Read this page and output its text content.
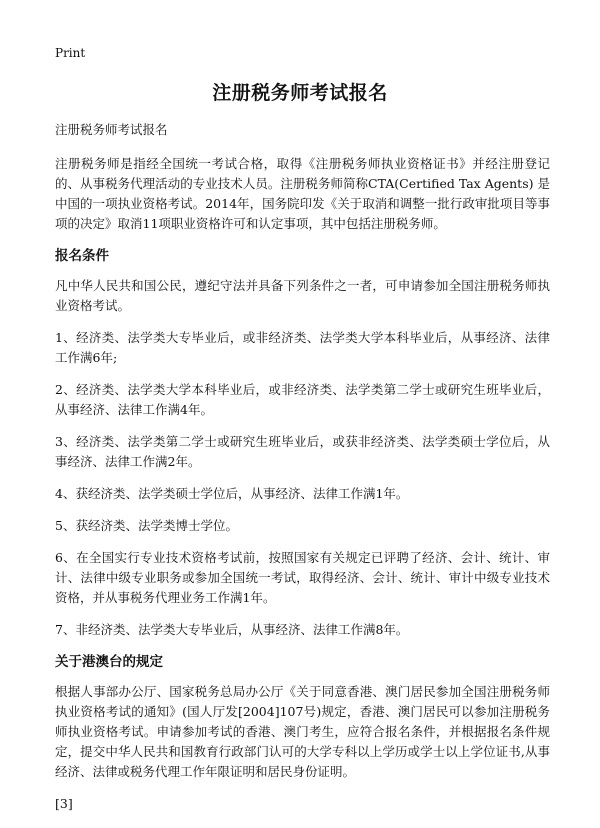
Print
注册税务师考试报名

注册税务师考试报名

注册税务师是指经全国统一考试合格，取得《注册税务师执业资格证书》并经注册登记的、从事税务代理活动的专业技术人员。注册税务师简称CTA(Certified Tax Agents) 是中国的一项执业资格考试。2014年，国务院印发《关于取消和调整一批行政审批项目等事项的决定》取消11项职业资格许可和认定事项，其中包括注册税务师。

报名条件

凡中华人民共和国公民，遵纪守法并具备下列条件之一者，可申请参加全国注册税务师执业资格考试。

1、经济类、法学类大专毕业后，或非经济类、法学类大学本科毕业后，从事经济、法律工作满6年;

2、经济类、法学类大学本科毕业后，或非经济类、法学类第二学士或研究生班毕业后，从事经济、法律工作满4年。

3、经济类、法学类第二学士或研究生班毕业后，或获非经济类、法学类硕士学位后，从事经济、法律工作满2年。

4、获经济类、法学类硕士学位后，从事经济、法律工作满1年。

5、获经济类、法学类博士学位。

6、在全国实行专业技术资格考试前，按照国家有关规定已评聘了经济、会计、统计、审计、法律中级专业职务或参加全国统一考试，取得经济、会计、统计、审计中级专业技术资格，并从事税务代理业务工作满1年。

7、非经济类、法学类大专毕业后，从事经济、法律工作满8年。

关于港澳台的规定

根据人事部办公厅、国家税务总局办公厅《关于同意香港、澳门居民参加全国注册税务师执业资格考试的通知》(国人厅发[2004]107号)规定，香港、澳门居民可以参加注册税务师执业资格考试。申请参加考试的香港、澳门考生，应符合报名条件，并根据报名条件规定，提交中华人民共和国教育行政部门认可的大学专科以上学历或学士以上学位证书,从事经济、法律或税务代理工作年限证明和居民身份证明。

[3]
